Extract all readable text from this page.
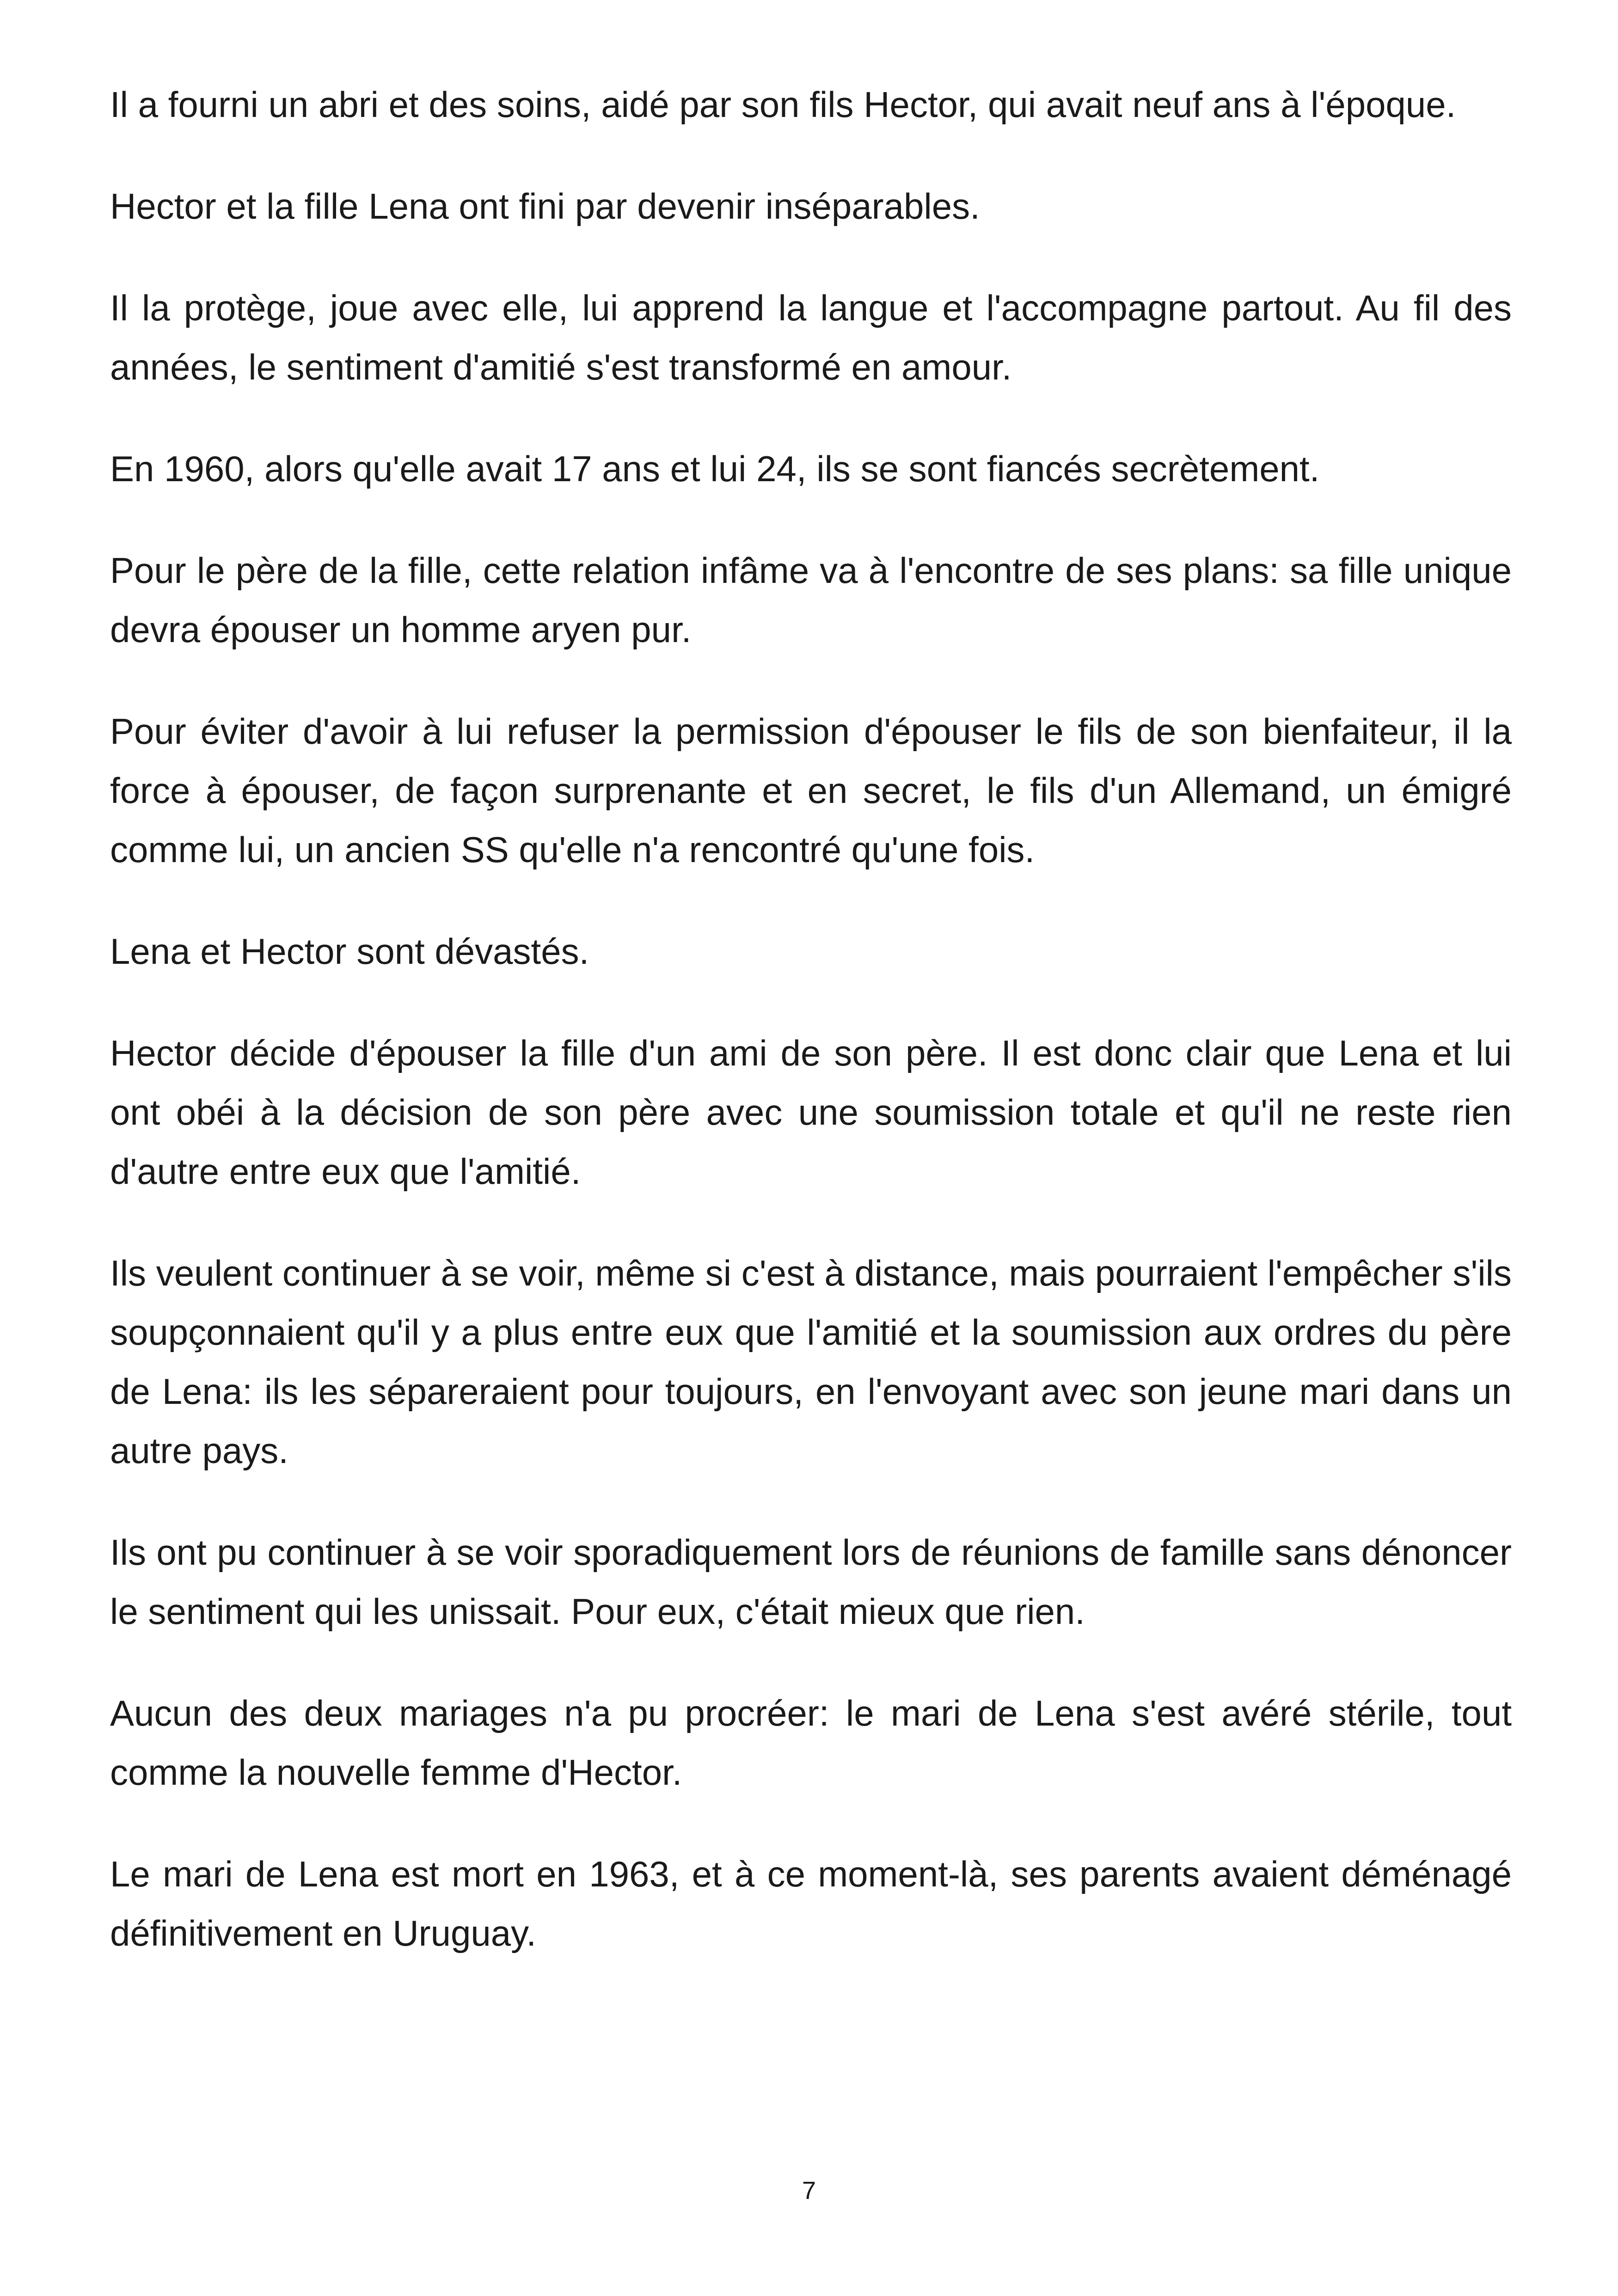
Il a fourni un abri et des soins, aidé par son fils Hector, qui avait neuf ans à l'époque.

Hector et la fille Lena ont fini par devenir inséparables.

Il la protège, joue avec elle, lui apprend la langue et l'accompagne partout. Au fil des années, le sentiment d'amitié s'est transformé en amour.

En 1960, alors qu'elle avait 17 ans et lui 24, ils se sont fiancés secrètement.

Pour le père de la fille, cette relation infâme va à l'encontre de ses plans: sa fille unique devra épouser un homme aryen pur.

Pour éviter d'avoir à lui refuser la permission d'épouser le fils de son bienfaiteur, il la force à épouser, de façon surprenante et en secret, le fils d'un Allemand, un émigré comme lui, un ancien SS qu'elle n'a rencontré qu'une fois.

Lena et Hector sont dévastés.

Hector décide d'épouser la fille d'un ami de son père. Il est donc clair que Lena et lui ont obéi à la décision de son père avec une soumission totale et qu'il ne reste rien d'autre entre eux que l'amitié.

Ils veulent continuer à se voir, même si c'est à distance, mais pourraient l'empêcher s'ils soupçonnaient qu'il y a plus entre eux que l'amitié et la soumission aux ordres du père de Lena: ils les sépareraient pour toujours, en l'envoyant avec son jeune mari dans un autre pays.

Ils ont pu continuer à se voir sporadiquement lors de réunions de famille sans dénoncer le sentiment qui les unissait. Pour eux, c'était mieux que rien.

Aucun des deux mariages n'a pu procréer: le mari de Lena s'est avéré stérile, tout comme la nouvelle femme d'Hector.

Le mari de Lena est mort en 1963, et à ce moment-là, ses parents avaient déménagé définitivement en Uruguay.

7
